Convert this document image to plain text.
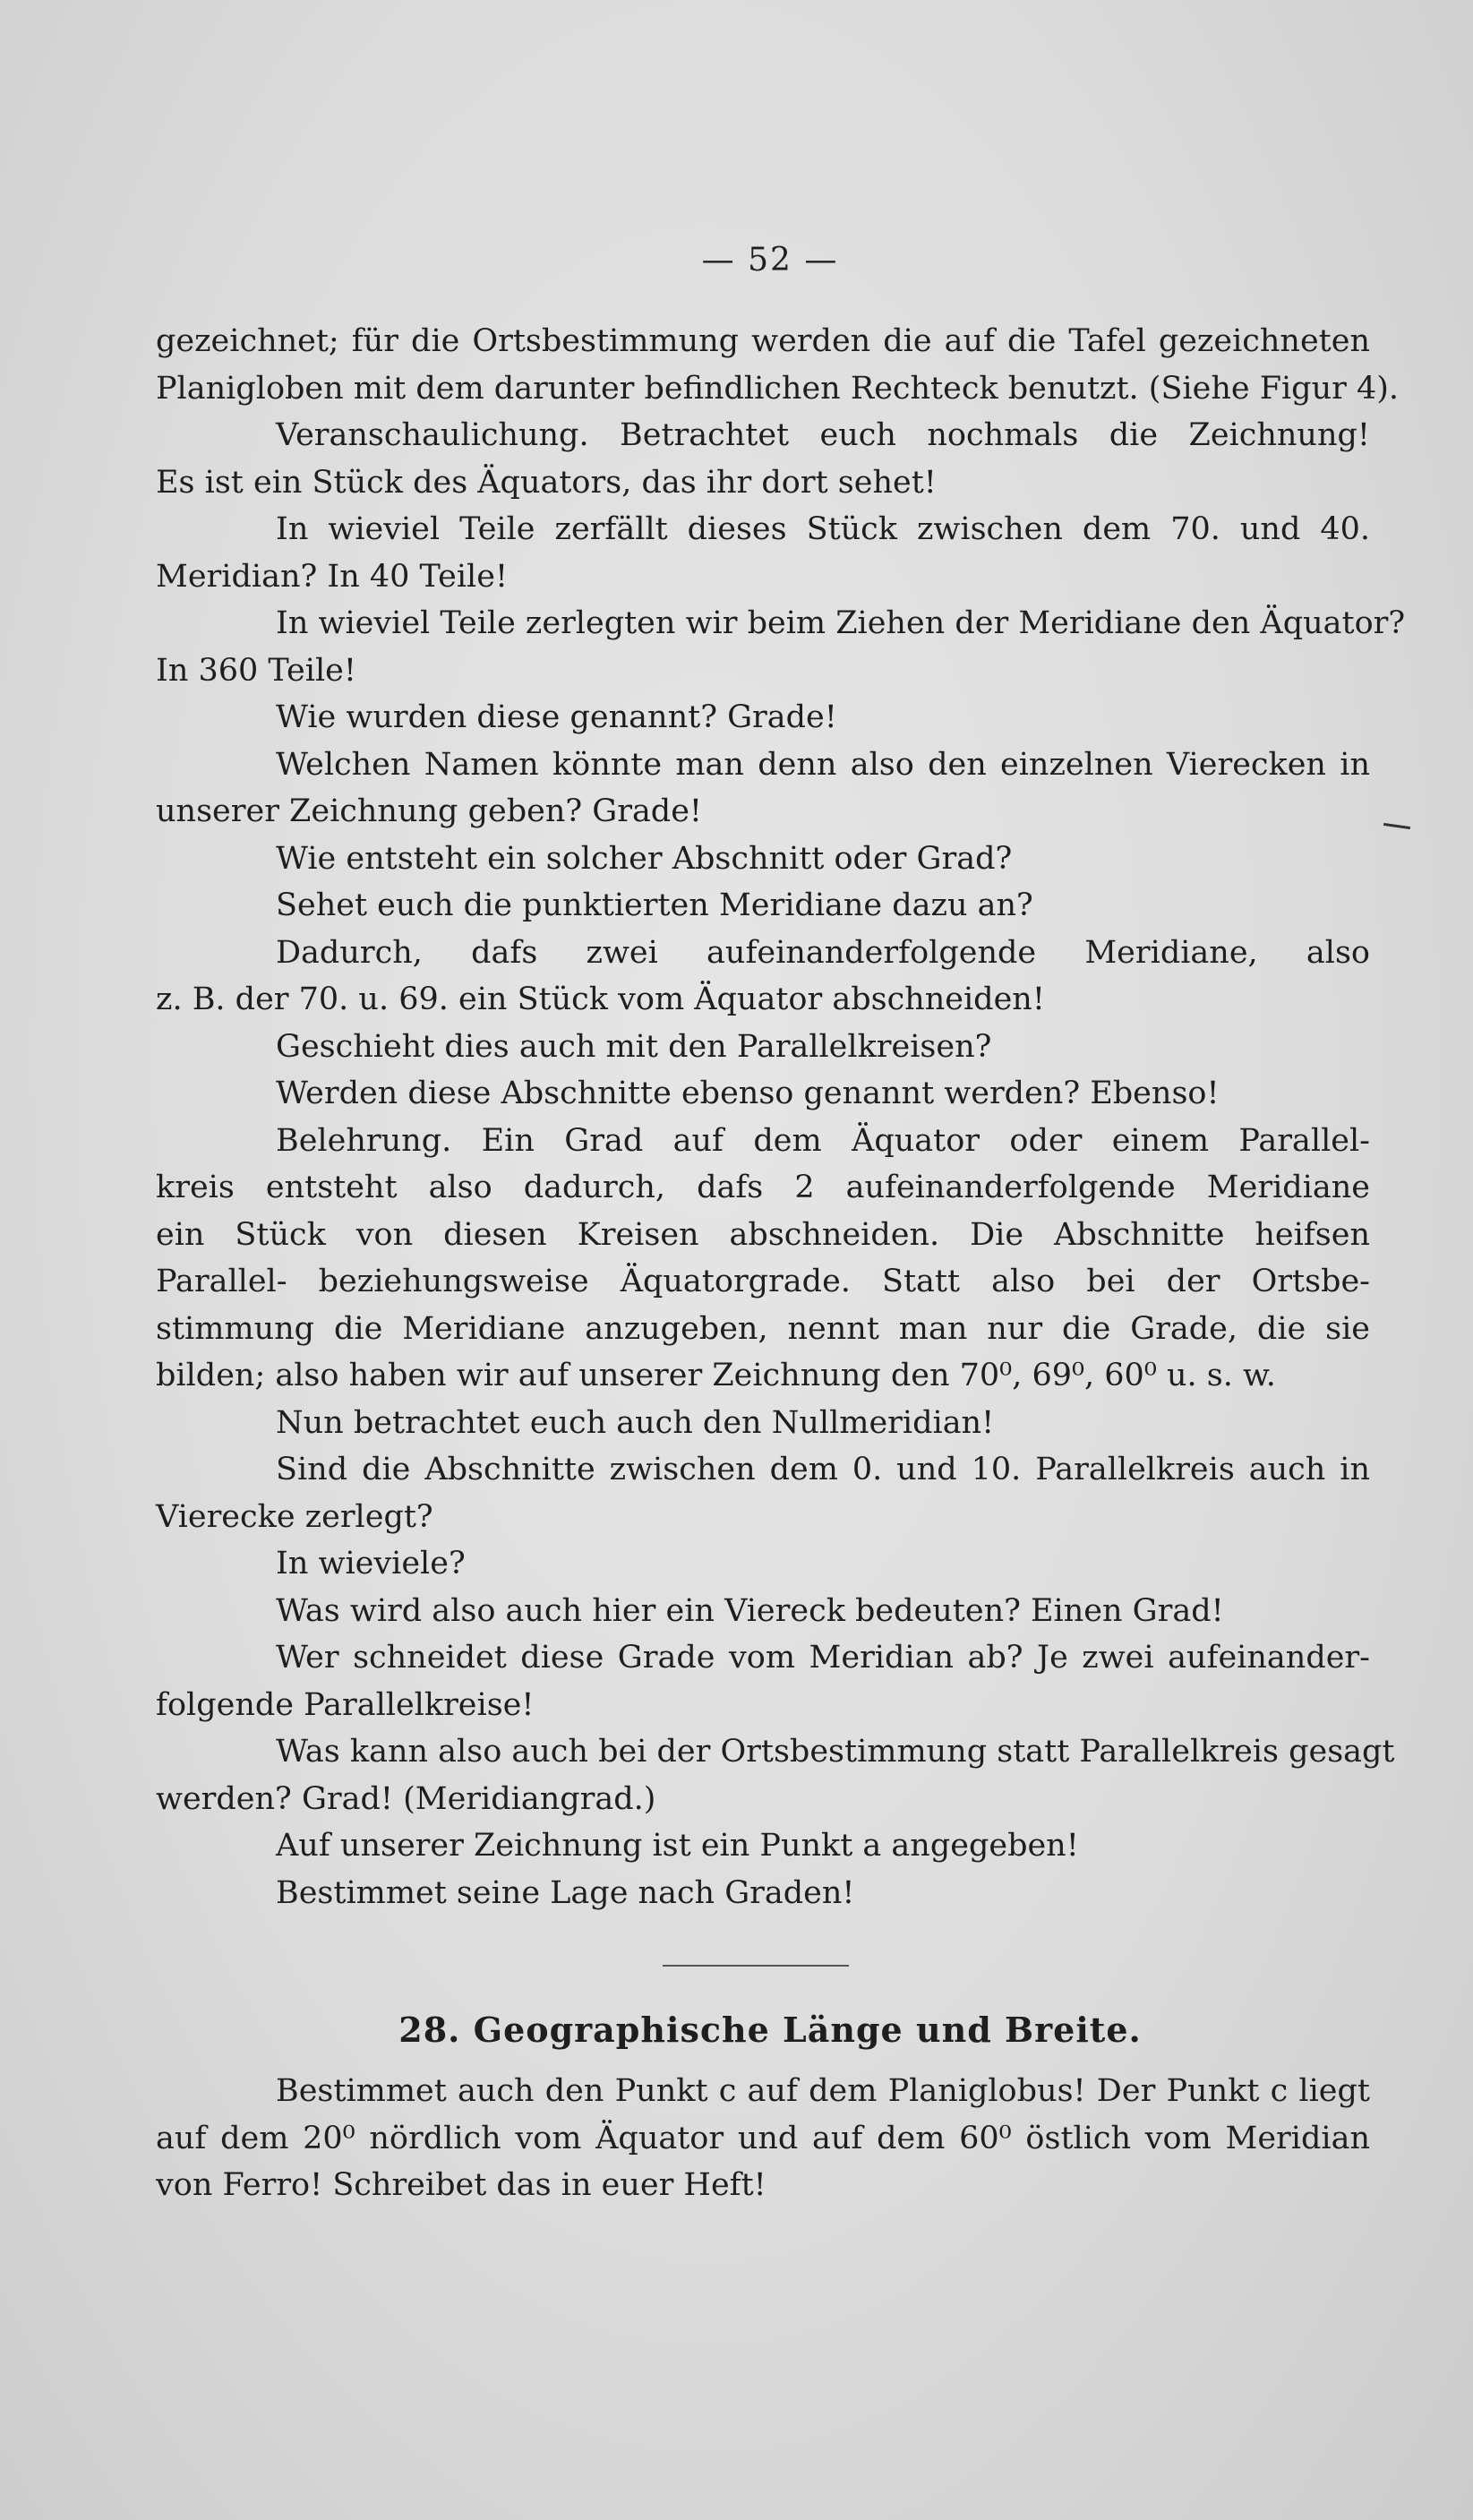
— 52 —
gezeichnet; für die Ortsbestimmung werden die auf die Tafel gezeichneten
Planigloben mit dem darunter befindlichen Rechteck benutzt. (Siehe Figur 4).
Veranschaulichung. Betrachtet euch nochmals die Zeichnung!
Es ist ein Stück des Äquators, das ihr dort sehet!
In wieviel Teile zerfällt dieses Stück zwischen dem 70. und 40.
Meridian? In 40 Teile!
In wieviel Teile zerlegten wir beim Ziehen der Meridiane den Äquator?
In 360 Teile!
Wie wurden diese genannt? Grade!
Welchen Namen könnte man denn also den einzelnen Vierecken in
unserer Zeichnung geben? Grade!
Wie entsteht ein solcher Abschnitt oder Grad?
Sehet euch die punktierten Meridiane dazu an?
Dadurch, dafs zwei aufeinanderfolgende Meridiane, also
z. B. der 70. u. 69. ein Stück vom Äquator abschneiden!
Geschieht dies auch mit den Parallelkreisen?
Werden diese Abschnitte ebenso genannt werden? Ebenso!
Belehrung. Ein Grad auf dem Äquator oder einem Parallel-
kreis entsteht also dadurch, dafs 2 aufeinanderfolgende Meridiane
ein Stück von diesen Kreisen abschneiden. Die Abschnitte heifsen
Parallel- beziehungsweise Äquatorgrade. Statt also bei der Ortsbe-
stimmung die Meridiane anzugeben, nennt man nur die Grade, die sie
bilden; also haben wir auf unserer Zeichnung den 70⁰, 69⁰, 60⁰ u. s. w.
Nun betrachtet euch auch den Nullmeridian!
Sind die Abschnitte zwischen dem 0. und 10. Parallelkreis auch in
Vierecke zerlegt?
In wieviele?
Was wird also auch hier ein Viereck bedeuten? Einen Grad!
Wer schneidet diese Grade vom Meridian ab? Je zwei aufeinander-
folgende Parallelkreise!
Was kann also auch bei der Ortsbestimmung statt Parallelkreis gesagt
werden? Grad! (Meridiangrad.)
Auf unserer Zeichnung ist ein Punkt a angegeben!
Bestimmet seine Lage nach Graden!
28. Geographische Länge und Breite.
Bestimmet auch den Punkt c auf dem Planiglobus! Der Punkt c liegt
auf dem 20⁰ nördlich vom Äquator und auf dem 60⁰ östlich vom Meridian
von Ferro! Schreibet das in euer Heft!
